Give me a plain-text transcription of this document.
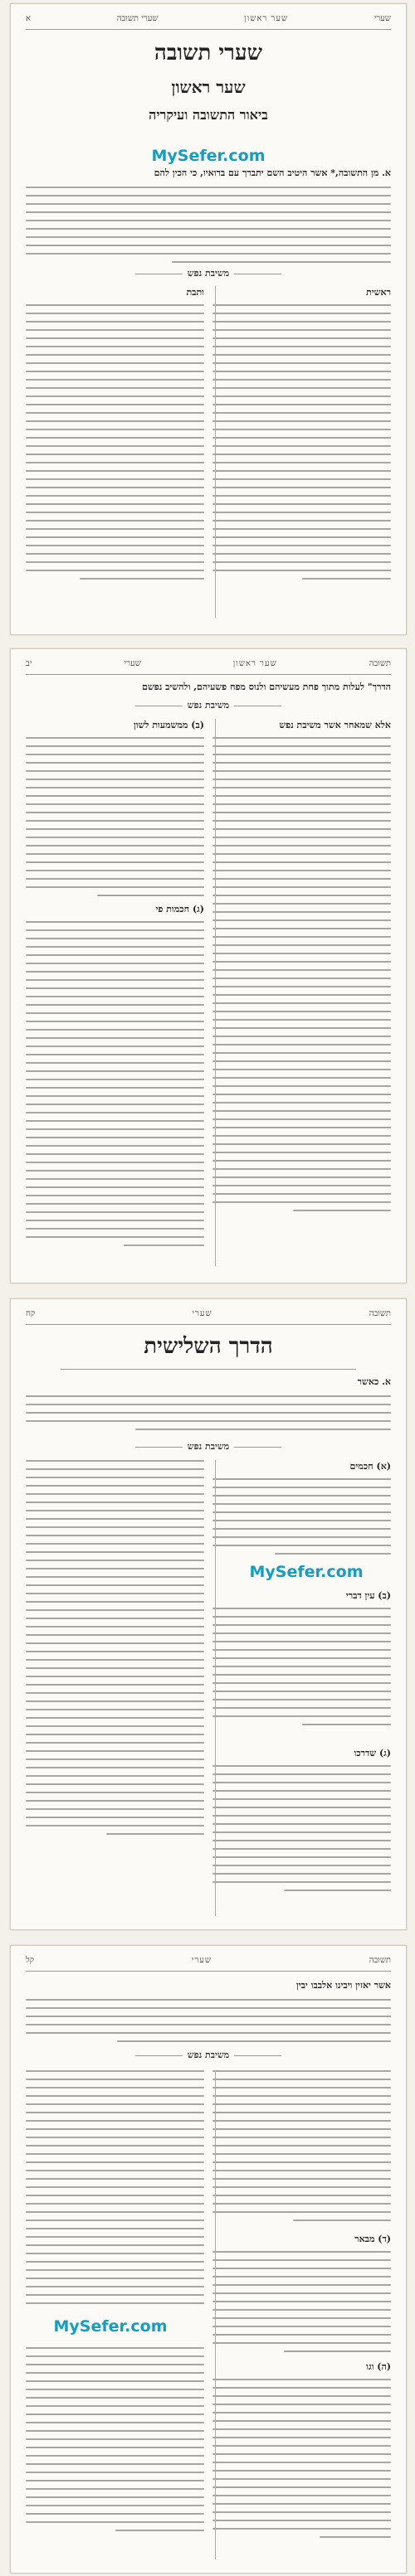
שערי
שער ראשון
שערי תשובה
א
שערי תשובה
שער ראשון
ביאור התשובה ועיקריה
MySefer.com
א. מן התשובה,* אשר היטיב השם יתברך עם ברואיו, כי הכין להם
משיבת נפש
ראשית
ותבת
תשובה
שער ראשון
שערי
יב
הדרך" לעלות מתוך פחת מעשיהם ולנוס מפח פשעיהם, ולהשיב נפשם
משיבת נפש
אלא שמאחר אשר משיבת נפש
(ב) ממשמעות לשון
(ג) חכמות פי
תשובה
שערי
קח
הדרך השלישית
א. כאשר
משיבת נפש
(א) חכמים
MySefer.com
(ב) עין דברי
(ג) שדרכו
תשובה
שערי
קל
אשר יאזין ויבינו אלבבו יבין
משיבת נפש
(ד) מבאר
(ה) וגו
MySefer.com
